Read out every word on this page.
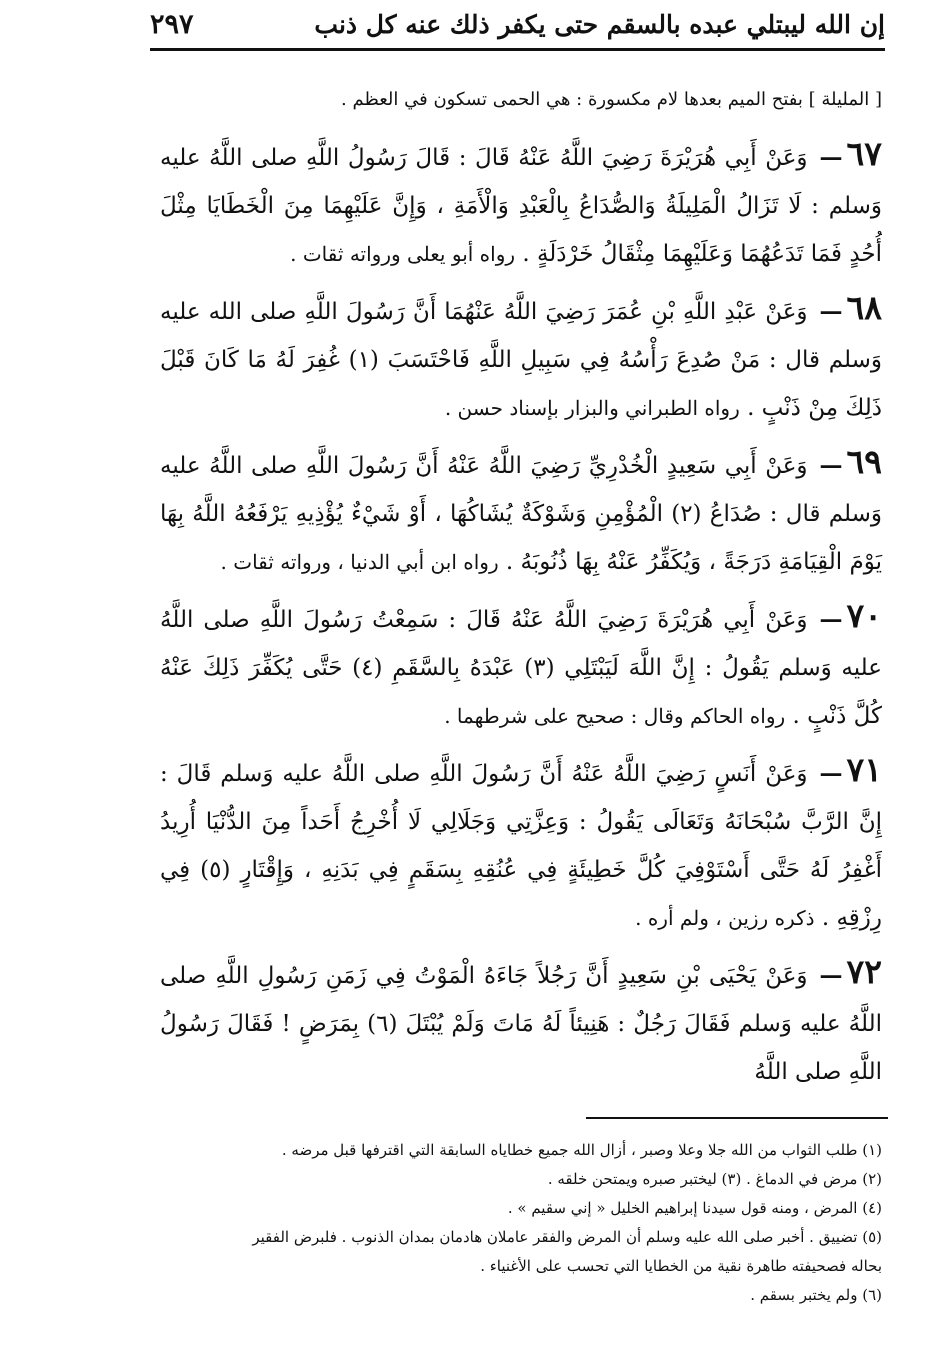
٢٩٧	إن الله ليبتلي عبده بالسقم حتى يكفر ذلك عنه كل ذنب

[ المليلة ] بفتح الميم بعدها لام مكسورة : هي الحمى تسكون في العظم .

٦٧—وَعَنْ أَبِي هُرَيْرَةَ رَضِيَ اللَّهُ عَنْهُ قَالَ : قَالَ رَسُولُ اللَّهِ صلى اللَّهُ عليه وَسلم : لَا تَزَالُ الْمَلِيلَةُ وَالصُّدَاعُ بِالْعَبْدِ وَالْأَمَةِ ، وَإِنَّ عَلَيْهِمَا مِنَ الْخَطَايَا مِثْلَ أُحُدٍ فَمَا تَدَعُهُمَا وَعَلَيْهِمَا مِثْقَالُ خَرْدَلَةٍ . رواه أبو يعلى ورواته ثقات .

٦٨—وَعَنْ عَبْدِ اللَّهِ بْنِ عُمَرَ رَضِيَ اللَّهُ عَنْهُمَا أَنَّ رَسُولَ اللَّهِ صلى الله عليه وَسلم قال : مَنْ صُدِعَ رَأْسُهُ فِي سَبِيلِ اللَّهِ فَاحْتَسَبَ (١) غُفِرَ لَهُ مَا كَانَ قَبْلَ ذَلِكَ مِنْ ذَنْبٍ . رواه الطبراني والبزار بإسناد حسن .

٦٩—وَعَنْ أَبِي سَعِيدٍ الْخُدْرِيِّ رَضِيَ اللَّهُ عَنْهُ أَنَّ رَسُولَ اللَّهِ صلى اللَّهُ عليه وَسلم قال : صُدَاعُ (٢) الْمُؤْمِنِ وَشَوْكَةٌ يُشَاكُهَا ، أَوْ شَيْءٌ يُؤْذِيهِ يَرْفَعُهُ اللَّهُ بِهَا يَوْمَ الْقِيَامَةِ دَرَجَةً ، وَيُكَفِّرُ عَنْهُ بِهَا ذُنُوبَهُ . رواه ابن أبي الدنيا ، ورواته ثقات .

٧٠—وَعَنْ أَبِي هُرَيْرَةَ رَضِيَ اللَّهُ عَنْهُ قَالَ : سَمِعْتُ رَسُولَ اللَّهِ صلى اللَّهُ عليه وَسلم يَقُولُ : إِنَّ اللَّهَ لَيَبْتَلِي (٣) عَبْدَهُ بِالسَّقَمِ (٤) حَتَّى يُكَفِّرَ ذَلِكَ عَنْهُ كُلَّ ذَنْبٍ . رواه الحاكم وقال : صحيح على شرطهما .

٧١—وَعَنْ أَنَسٍ رَضِيَ اللَّهُ عَنْهُ أَنَّ رَسُولَ اللَّهِ صلى اللَّهُ عليه وَسلم قَالَ : إِنَّ الرَّبَّ سُبْحَانَهُ وَتَعَالَى يَقُولُ : وَعِزَّتِي وَجَلَالِي لَا أُخْرِجُ أَحَداً مِنَ الدُّنْيَا أُرِيدُ أَغْفِرُ لَهُ حَتَّى أَسْتَوْفِيَ كُلَّ خَطِيئَةٍ فِي عُنُقِهِ بِسَقَمٍ فِي بَدَنِهِ ، وَإِقْتَارٍ (٥) فِي رِزْقِهِ . ذكره رزين ، ولم أره .

٧٢—وَعَنْ يَحْيَى بْنِ سَعِيدٍ أَنَّ رَجُلاً جَاءَهُ الْمَوْتُ فِي زَمَنِ رَسُولِ اللَّهِ صلى اللَّهُ عليه وَسلم فَقَالَ رَجُلٌ : هَنِيئاً لَهُ مَاتَ وَلَمْ يُبْتَلَ (٦) بِمَرَضٍ ! فَقَالَ رَسُولُ اللَّهِ صلى اللَّهُ

(١) طلب الثواب من الله جلا وعلا وصبر ، أزال الله جميع خطاياه السابقة التي اقترفها قبل مرضه .

(٢) مرض في الدماغ . (٣) ليختبر صبره ويمتحن خلقه .

(٤) المرض ، ومنه قول سيدنا إبراهيم الخليل « إني سقيم » .

(٥) تضييق . أخبر صلى الله عليه وسلم أن المرض والفقر عاملان هادمان بمدان الذنوب . فلبرض الفقير

بحاله فصحيفته طاهرة نقية من الخطايا التي تحسب على الأغنياء .

(٦) ولم يختبر بسقم .
